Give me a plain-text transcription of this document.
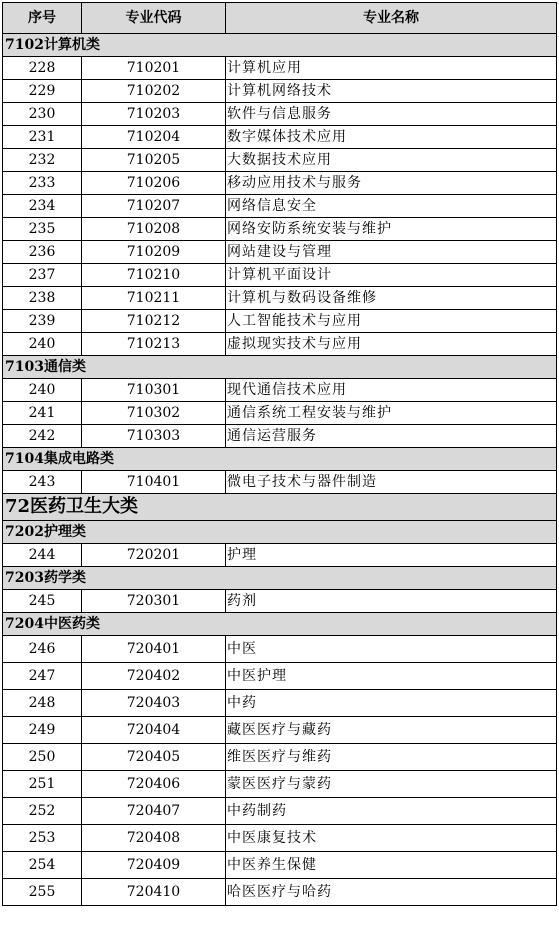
序号	专业代码	专业名称
7102计算机类		
228	710201	计算机应用
229	710202	计算机网络技术
230	710203	软件与信息服务
231	710204	数字媒体技术应用
232	710205	大数据技术应用
233	710206	移动应用技术与服务
234	710207	网络信息安全
235	710208	网络安防系统安装与维护
236	710209	网站建设与管理
237	710210	计算机平面设计
238	710211	计算机与数码设备维修
239	710212	人工智能技术与应用
240	710213	虚拟现实技术与应用
7103通信类		
240	710301	现代通信技术应用
241	710302	通信系统工程安装与维护
242	710303	通信运营服务
7104集成电路类		
243	710401	微电子技术与器件制造
72医药卫生大类		
7202护理类		
244	720201	护理
7203药学类		
245	720301	药剂
7204中医药类		
246	720401	中医
247	720402	中医护理
248	720403	中药
249	720404	藏医医疗与藏药
250	720405	维医医疗与维药
251	720406	蒙医医疗与蒙药
252	720407	中药制药
253	720408	中医康复技术
254	720409	中医养生保健
255	720410	哈医医疗与哈药
